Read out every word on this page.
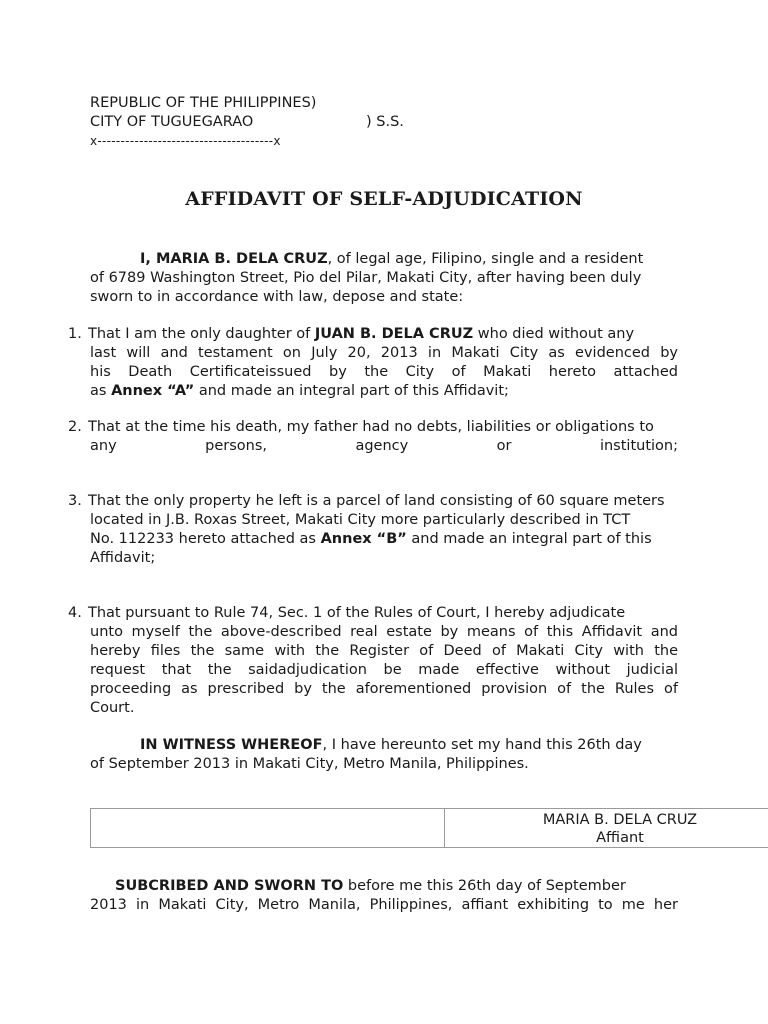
REPUBLIC OF THE PHILIPPINES)
CITY OF TUGUEGARAO	) S.S.
x--------------------------------------x
AFFIDAVIT OF SELF-ADJUDICATION
I, MARIA B. DELA CRUZ, of legal age, Filipino, single and a resident
of 6789 Washington Street, Pio del Pilar, Makati City, after having been duly
sworn to in accordance with law, depose and state:
1. That I am the only daughter of JUAN B. DELA CRUZ who died without any
last will and testament on July 20, 2013 in Makati City as evidenced by
his Death Certificateissued by the City of Makati hereto attached
as Annex “A” and made an integral part of this Affidavit;
2. That at the time his death, my father had no debts, liabilities or obligations to
any persons, agency or institution;
3. That the only property he left is a parcel of land consisting of 60 square meters
located in J.B. Roxas Street, Makati City more particularly described in TCT
No. 112233 hereto attached as Annex “B” and made an integral part of this
Affidavit;
4. That pursuant to Rule 74, Sec. 1 of the Rules of Court, I hereby adjudicate
unto myself the above-described real estate by means of this Affidavit and
hereby files the same with the Register of Deed of Makati City with the
request that the saidadjudication be made effective without judicial
proceeding as prescribed by the aforementioned provision of the Rules of
Court.
IN WITNESS WHEREOF, I have hereunto set my hand this 26th day
of September 2013 in Makati City, Metro Manila, Philippines.
MARIA B. DELA CRUZ
Affiant
SUBCRIBED AND SWORN TO before me this 26th day of September
2013 in Makati City, Metro Manila, Philippines, affiant exhibiting to me her
